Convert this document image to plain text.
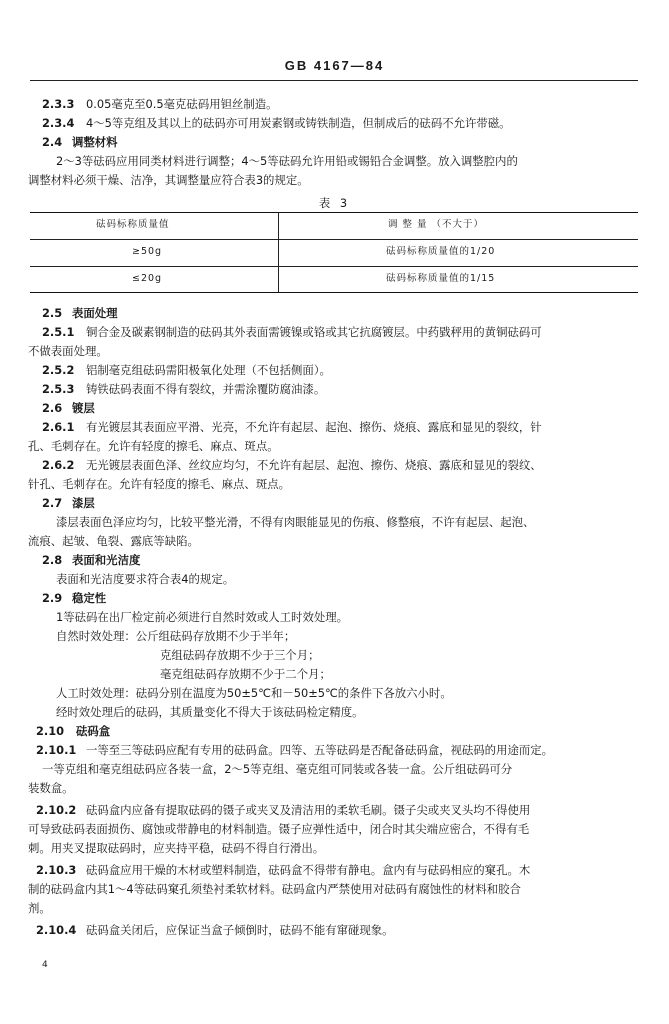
GB 4167—84
2.3.3 0.05毫克至0.5毫克砝码用钽丝制造。
2.3.4 4～5等克组及其以上的砝码亦可用炭素钢或铸铁制造，但制成后的砝码不允许带磁。
2.4 调整材料
2～3等砝码应用同类材料进行调整；4～5等砝码允许用铅或锡铅合金调整。放入调整腔内的
调整材料必须干燥、洁净，其调整量应符合表3的规定。
表 3
砝码标称质量值	调 整 量 （不大于）
≥50g	砝码标称质量值的1/20
≤20g	砝码标称质量值的1/15
2.5 表面处理
2.5.1 铜合金及碳素钢制造的砝码其外表面需镀镍或铬或其它抗腐镀层。中药戥秤用的黄铜砝码可
不做表面处理。
2.5.2 铝制毫克组砝码需阳极氧化处理（不包括侧面）。
2.5.3 铸铁砝码表面不得有裂纹，并需涂覆防腐油漆。
2.6 镀层
2.6.1 有光镀层其表面应平滑、光亮，不允许有起层、起泡、擦伤、烧痕、露底和显见的裂纹，针
孔、毛刺存在。允许有轻度的擦毛、麻点、斑点。
2.6.2 无光镀层表面色泽、丝纹应均匀，不允许有起层、起泡、擦伤、烧痕、露底和显见的裂纹、
针孔、毛刺存在。允许有轻度的擦毛、麻点、斑点。
2.7 漆层
漆层表面色泽应均匀，比较平整光滑，不得有肉眼能显见的伤痕、修整痕，不许有起层、起泡、
流痕、起皱、龟裂、露底等缺陷。
2.8 表面和光洁度
表面和光洁度要求符合表4的规定。
2.9 稳定性
1等砝码在出厂检定前必须进行自然时效或人工时效处理。
自然时效处理：公斤组砝码存放期不少于半年；
克组砝码存放期不少于三个月；
毫克组砝码存放期不少于二个月；
人工时效处理：砝码分别在温度为50±5℃和－50±5℃的条件下各放六小时。
经时效处理后的砝码，其质量变化不得大于该砝码检定精度。
2.10 砝码盒
2.10.1 一等至三等砝码应配有专用的砝码盒。四等、五等砝码是否配备砝码盒，视砝码的用途而定。
一等克组和毫克组砝码应各装一盒，2～5等克组、毫克组可同装或各装一盒。公斤组砝码可分
装数盒。
2.10.2 砝码盒内应备有提取砝码的镊子或夹叉及清洁用的柔软毛刷。镊子尖或夹叉头均不得使用
可导致砝码表面损伤、腐蚀或带静电的材料制造。镊子应弹性适中，闭合时其尖端应密合，不得有毛
刺。用夹叉提取砝码时，应夹持平稳，砝码不得自行滑出。
2.10.3 砝码盒应用干燥的木材或塑料制造，砝码盒不得带有静电。盒内有与砝码相应的窠孔。木
制的砝码盒内其1～4等砝码窠孔须垫衬柔软材料。砝码盒内严禁使用对砝码有腐蚀性的材料和胶合
剂。
2.10.4 砝码盒关闭后，应保证当盒子倾倒时，砝码不能有窜碰现象。
4
